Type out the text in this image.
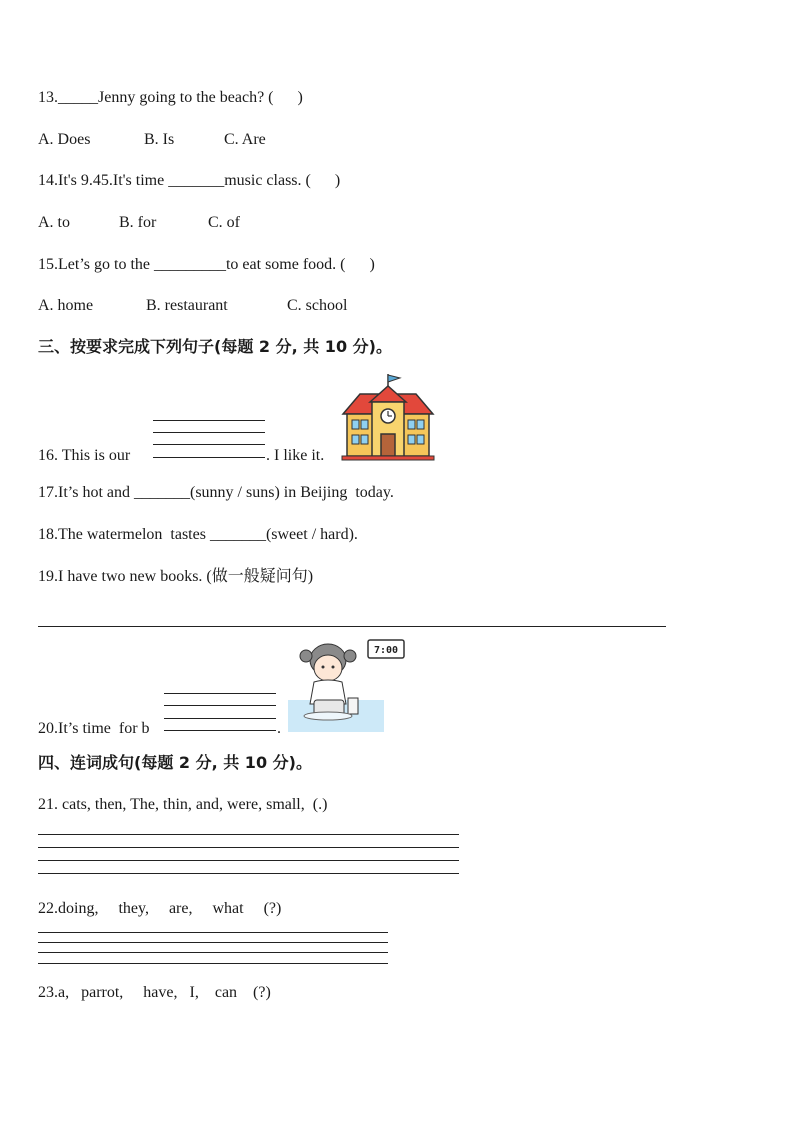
13._____Jenny going to the beach? (      )
A. Does	B. Is	C. Are
14.It's 9.45.It's time _______music class. (      )
A. to	B. for	C. of
15.Let’s go to the _________to eat some food. (      )
A. home	B. restaurant	C. school
三、按要求完成下列句子(每题 2 分, 共 10 分)。
16. This is our	. I like it.
17.It’s hot and _______(sunny / suns) in Beijing  today.
18.The watermelon  tastes _______(sweet / hard).
19.I have two new books. (做一般疑问句)
20.It’s time  for b	.
7:00
四、连词成句(每题 2 分, 共 10 分)。
21. cats, then, The, thin, and, were, small,  (.)
22.doing,     they,     are,     what     (?)
23.a,   parrot,     have,   I,    can    (?)
